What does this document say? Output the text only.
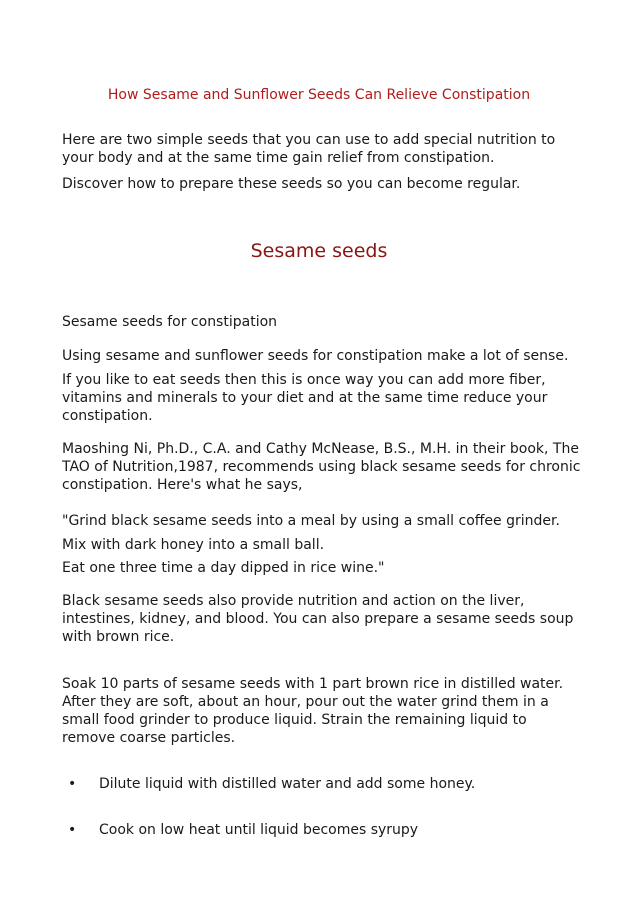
How Sesame and Sunflower Seeds Can Relieve Constipation

Here are two simple seeds that you can use to add special nutrition to your body and at the same time gain relief from constipation.

Discover how to prepare these seeds so you can become regular.

Sesame seeds

Sesame seeds for constipation

Using sesame and sunflower seeds for constipation make a lot of sense.

If you like to eat seeds then this is once way you can add more fiber, vitamins and minerals to your diet and at the same time reduce your constipation.

Maoshing Ni, Ph.D., C.A. and Cathy McNease, B.S., M.H. in their book, The TAO of Nutrition,1987, recommends using black sesame seeds for chronic constipation. Here's what he says,

"Grind black sesame seeds into a meal by using a small coffee grinder.

Mix with dark honey into a small ball.

Eat one three time a day dipped in rice wine."

Black sesame seeds also provide nutrition and action on the liver, intestines, kidney, and blood. You can also prepare a sesame seeds soup with brown rice.

Soak 10 parts of sesame seeds with 1 part brown rice in distilled water. After they are soft, about an hour, pour out the water grind them in a small food grinder to produce liquid. Strain the remaining liquid to remove coarse particles.

• Dilute liquid with distilled water and add some honey.
• Cook on low heat until liquid becomes syrupy
